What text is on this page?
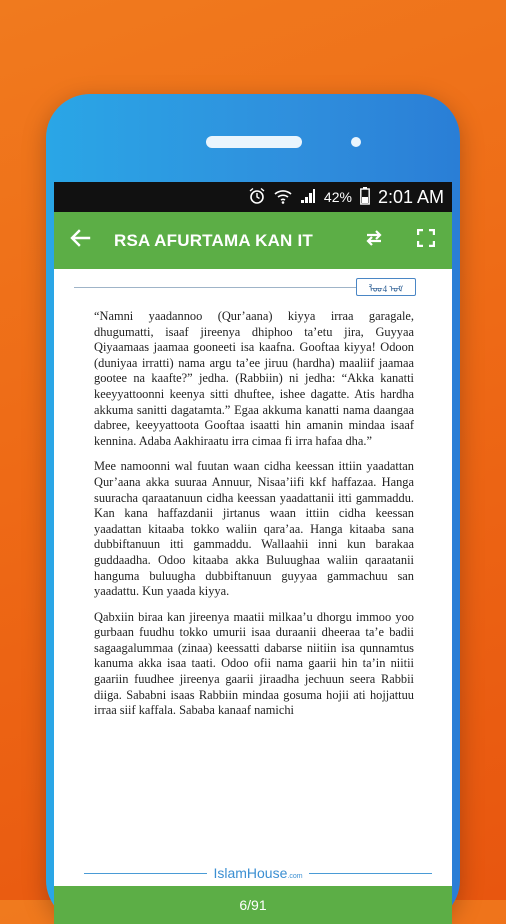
42% 2:01 AM
RSA AFURTAMA KAN IT
ᠯᡂ4 ᠣᠮ

“Namni yaadannoo (Qur’aana) kiyya irraa garagale, dhugumatti, isaaf jireenya dhiphoo ta’etu jira, Guyyaa Qiyaamaas jaamaa gooneeti isa kaafna. Gooftaa kiyya! Odoon (duniyaa irratti) nama argu ta’ee jiruu (hardha) maaliif jaamaa gootee na kaafte?” jedha. (Rabbiin) ni jedha: “Akka kanatti keeyyattoonni keenya sitti dhuftee, ishee dagatte. Atis hardha akkuma sanitti dagatamta.” Egaa akkuma kanatti nama daangaa dabree, keeyyattoota Gooftaa isaatti hin amanin mindaa isaaf kennina. Adaba Aakhiraatu irra cimaa fi irra hafaa dha.”

Mee namoonni wal fuutan waan cidha keessan ittiin yaadattan Qur’aana akka suuraa Annuur, Nisaa’iifi kkf haffazaa. Hanga suuracha qaraatanuun cidha keessan yaadattanii itti gammaddu. Kan kana haffazdanii jirtanus waan ittiin cidha keessan yaadattan kitaaba tokko waliin qara’aa. Hanga kitaaba sana dubbiftanuun itti gammaddu. Wallaahii inni kun barakaa guddaadha. Odoo kitaaba akka Buluughaa waliin qaraatanii hanguma buluugha dubbiftanuun guyyaa gammachuu san yaadattu. Kun yaada kiyya.

Qabxiin biraa kan jireenya maatii milkaa’u dhorgu immoo yoo gurbaan fuudhu tokko umurii isaa duraanii dheeraa ta’e badii sagaagalummaa (zinaa) keessatti dabarse niitiin isa qunnamtus kanuma akka isaa taati. Odoo ofii nama gaarii hin ta’in niitii gaariin fuudhee jireenya gaarii jiraadha jechuun seera Rabbii diiga. Sababni isaas Rabbiin mindaa gosuma hojii ati hojjattuu irraa siif kaffala. Sababa kanaaf namichi

IslamHouse.com
6/91
